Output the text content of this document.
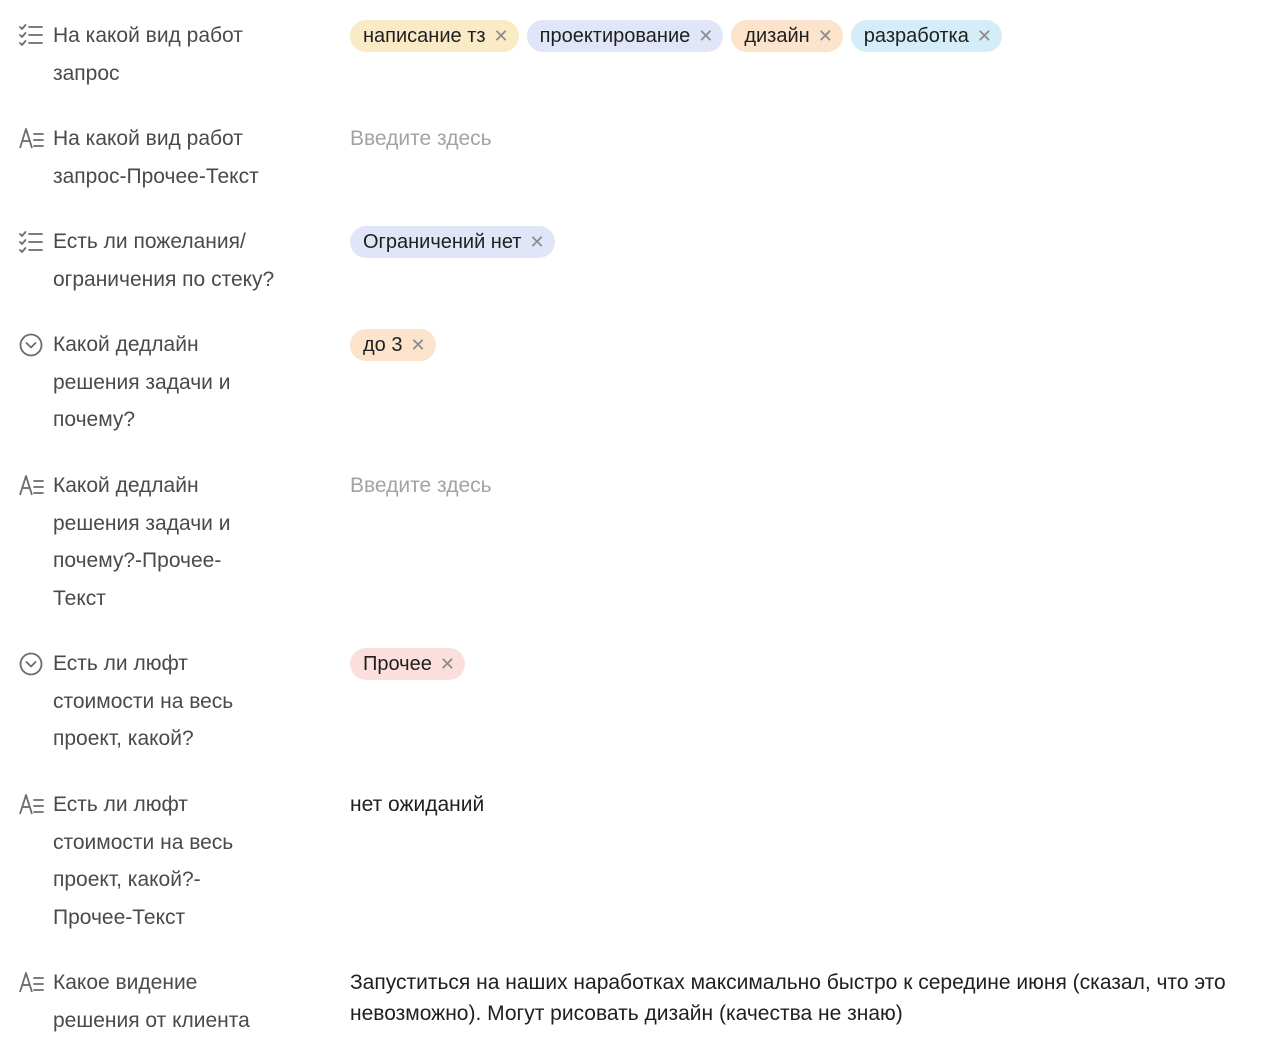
На какой вид работ
запрос
написание тз ✕ проектирование ✕ дизайн ✕ разработка ✕
На какой вид работ
запрос-Прочее-Текст
Введите здесь
Есть ли пожелания/
ограничения по стеку?
Ограничений нет ✕
Какой дедлайн
решения задачи и
почему?
до 3 ✕
Какой дедлайн
решения задачи и
почему?-Прочее-
Текст
Введите здесь
Есть ли люфт
стоимости на весь
проект, какой?
Прочее ✕
Есть ли люфт
стоимости на весь
проект, какой?-
Прочее-Текст
нет ожиданий
Какое видение
решения от клиента
Запуститься на наших наработках максимально быстро к середине июня (сказал, что это невозможно). Могут рисовать дизайн (качества не знаю)
